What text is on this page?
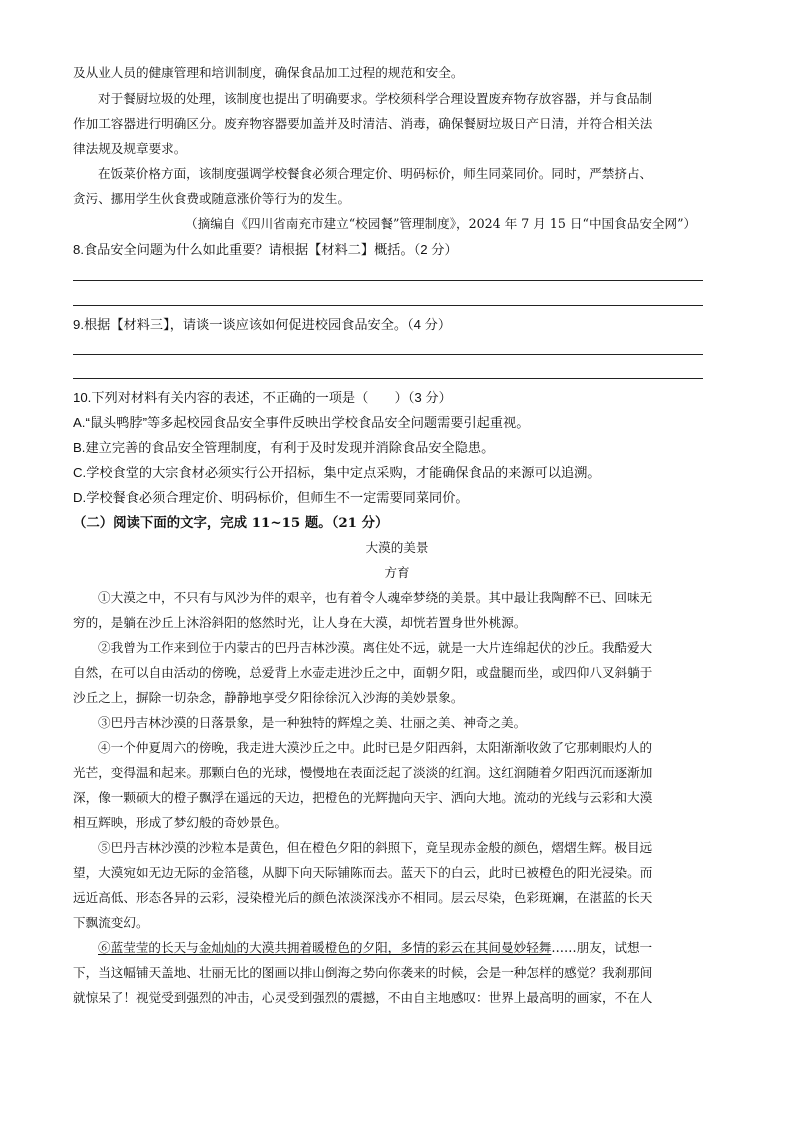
及从业人员的健康管理和培训制度，确保食品加工过程的规范和安全。
对于餐厨垃圾的处理，该制度也提出了明确要求。学校须科学合理设置废弃物存放容器，并与食品制
作加工容器进行明确区分。废弃物容器要加盖并及时清洁、消毒，确保餐厨垃圾日产日清，并符合相关法
律法规及规章要求。
在饭菜价格方面，该制度强调学校餐食必须合理定价、明码标价，师生同菜同价。同时，严禁挤占、
贪污、挪用学生伙食费或随意涨价等行为的发生。
（摘编自《四川省南充市建立“校园餐”管理制度》，2024 年 7 月 15 日“中国食品安全网”）
8.食品安全问题为什么如此重要？请根据【材料二】概括。（2 分）
9.根据【材料三】，请谈一谈应该如何促进校园食品安全。（4 分）
10.下列对材料有关内容的表述，不正确的一项是（　　）（3 分）
A.“鼠头鸭脖”等多起校园食品安全事件反映出学校食品安全问题需要引起重视。
B.建立完善的食品安全管理制度，有利于及时发现并消除食品安全隐患。
C.学校食堂的大宗食材必须实行公开招标，集中定点采购，才能确保食品的来源可以追溯。
D.学校餐食必须合理定价、明码标价，但师生不一定需要同菜同价。
（二）阅读下面的文字，完成 11~15 题。（21 分）
大漠的美景
方育
①大漠之中，不只有与风沙为伴的艰辛，也有着令人魂牵梦绕的美景。其中最让我陶醉不已、回味无
穷的，是躺在沙丘上沐浴斜阳的悠然时光，让人身在大漠，却恍若置身世外桃源。
②我曾为工作来到位于内蒙古的巴丹吉林沙漠。离住处不远，就是一大片连绵起伏的沙丘。我酷爱大
自然，在可以自由活动的傍晚，总爱背上水壶走进沙丘之中，面朝夕阳，或盘腿而坐，或四仰八叉斜躺于
沙丘之上，摒除一切杂念，静静地享受夕阳徐徐沉入沙海的美妙景象。
③巴丹吉林沙漠的日落景象，是一种独特的辉煌之美、壮丽之美、神奇之美。
④一个仲夏周六的傍晚，我走进大漠沙丘之中。此时已是夕阳西斜，太阳渐渐收敛了它那刺眼灼人的
光芒，变得温和起来。那颗白色的光球，慢慢地在表面泛起了淡淡的红润。这红润随着夕阳西沉而逐渐加
深，像一颗硕大的橙子飘浮在遥远的天边，把橙色的光辉抛向天宇、洒向大地。流动的光线与云彩和大漠
相互辉映，形成了梦幻般的奇妙景色。
⑤巴丹吉林沙漠的沙粒本是黄色，但在橙色夕阳的斜照下，竟呈现赤金般的颜色，熠熠生辉。极目远
望，大漠宛如无边无际的金箔毯，从脚下向天际铺陈而去。蓝天下的白云，此时已被橙色的阳光浸染。而
远近高低、形态各异的云彩，浸染橙光后的颜色浓淡深浅亦不相同。层云尽染，色彩斑斓，在湛蓝的长天
下飘流变幻。
⑥蓝莹莹的长天与金灿灿的大漠共拥着暖橙色的夕阳，多情的彩云在其间曼妙轻舞……朋友，试想一
下，当这幅铺天盖地、壮丽无比的图画以排山倒海之势向你袭来的时候，会是一种怎样的感觉？我刹那间
就惊呆了！视觉受到强烈的冲击，心灵受到强烈的震撼，不由自主地感叹：世界上最高明的画家，不在人
